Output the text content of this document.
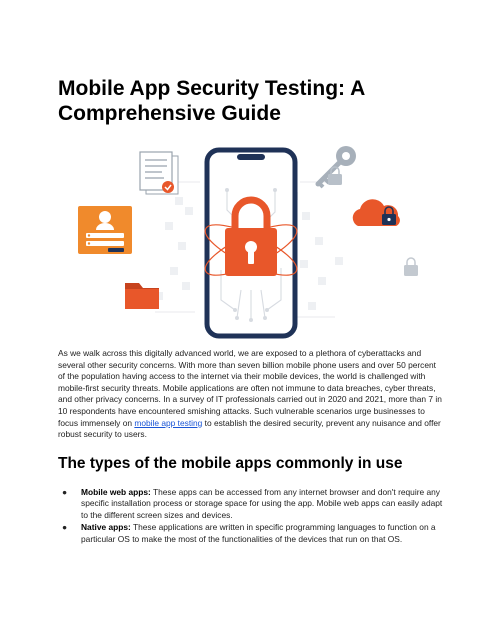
Mobile App Security Testing: A Comprehensive Guide

As we walk across this digitally advanced world, we are exposed to a plethora of cyberattacks and several other security concerns. With more than seven billion mobile phone users and over 50 percent of the population having access to the internet via their mobile devices, the world is challenged with mobile-first security threats. Mobile applications are often not immune to data breaches, cyber threats, and other privacy concerns. In a survey of IT professionals carried out in 2020 and 2021, more than 7 in 10 respondents have encountered smishing attacks. Such vulnerable scenarios urge businesses to focus immensely on mobile app testing to establish the desired security, prevent any nuisance and offer robust security to users.

The types of the mobile apps commonly in use
● Mobile web apps: These apps can be accessed from any internet browser and don't require any specific installation process or storage space for using the app. Mobile web apps can easily adapt to the different screen sizes and devices.
● Native apps: These applications are written in specific programming languages to function on a particular OS to make the most of the functionalities of the devices that run on that OS.
